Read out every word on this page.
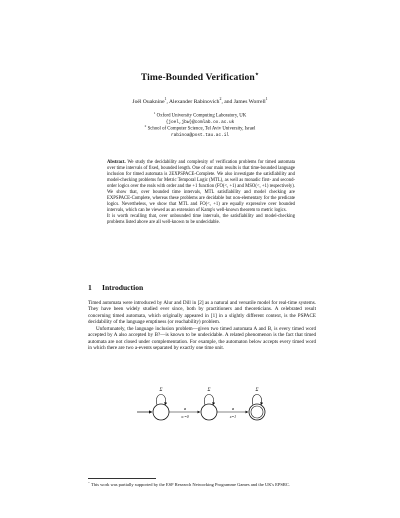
Time-Bounded Verification⋆
Joël Ouaknine$^1$, Alexander Rabinovich$^2$, and James Worrell$^1$
$^1$ Oxford University Computing Laboratory, UK
{joel,jbw}@comlab.ox.ac.uk
$^2$ School of Computer Science, Tel Aviv University, Israel
rabinoa@post.tau.ac.il

Abstract. We study the decidability and complexity of verification problems for timed automata over time intervals of fixed, bounded length. One of our main results is that time-bounded language inclusion for timed automata is 2EXPSPACE-Complete. We also investigate the satisfiability and model-checking problems for Metric Temporal Logic (MTL), as well as monadic first- and second-order logics over the reals with order and the +1 function (FO(<, +1) and MSO(<, +1) respectively). We show that, over bounded time intervals, MTL satisfiability and model checking are EXPSPACE-Complete, whereas these problems are decidable but non-elementary for the predicate logics. Nevertheless, we show that MTL and FO(<, +1) are equally expressive over bounded intervals, which can be viewed as an extension of Kamp's well-known theorem to metric logics.

It is worth recalling that, over unbounded time intervals, the satisfiability and model-checking problems listed above are all well-known to be undecidable.

1 Introduction

Timed automata were introduced by Alur and Dill in [2] as a natural and versatile model for real-time systems. They have been widely studied ever since, both by practitioners and theoreticians. A celebrated result concerning timed automata, which originally appeared in [1] in a slightly different context, is the PSPACE decidability of the language emptiness (or reachability) problem.

Unfortunately, the language inclusion problem—given two timed automata A and B, is every timed word accepted by A also accepted by B?—is known to be undecidable. A related phenomenon is the fact that timed automata are not closed under complementation. For example, the automaton below accepts every timed word in which there are two a-events separated by exactly one time unit.

Σ
a
x:=0
Σ
a
x=1
Σ
⋆ This work was partially supported by the ESF Research Networking Programme Games and the UK's EPSRC.
